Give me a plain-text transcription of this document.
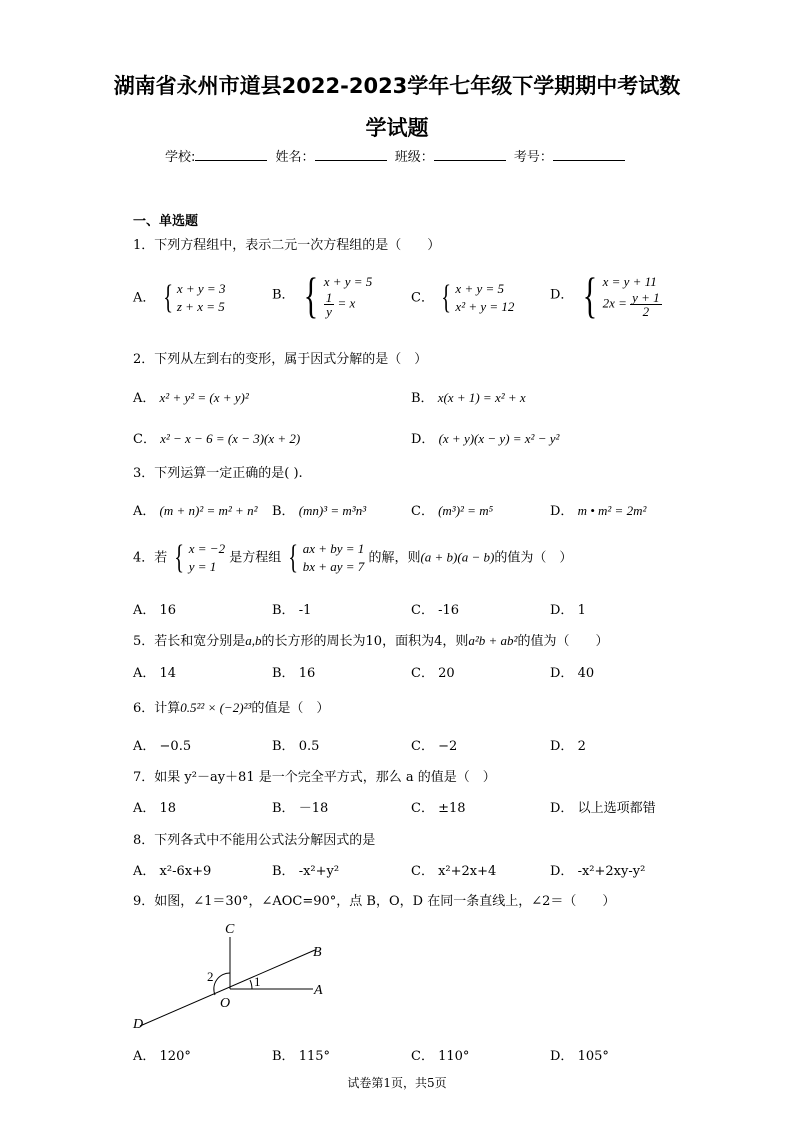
湖南省永州市道县2022-2023学年七年级下学期期中考试数
学试题
学校:	姓名：	班级：	考号：
一、单选题
1．下列方程组中，表示二元一次方程组的是（　　）
A． { x + y = 3
z + x = 5
B． { x + y = 5
$\frac{1}{y} = x$	C． { x + y = 5
x² + y = 12
D． { x = y + 11
$2x = \frac{y + 1}{2}$
2．下列从左到右的变形，属于因式分解的是（　）
A． x² + y² = (x + y)²	B． x(x + 1) = x² + x
C． x² − x − 6 = (x − 3)(x + 2)	D． (x + y)(x − y) = x² − y²
3．下列运算一定正确的是( ).
A． (m + n)² = m² + n² B． (mn)³ = m³n³	C． (m³)² = m⁵	D． m • m² = 2m²
4．若 { x = −2
y = 1
是方程组 { ax + by = 1
bx + ay = 7
的解，则(a + b)(a − b)的值为（　）
A． 16	B． -1	C． -16	D． 1
5．若长和宽分别是a,b的长方形的周长为10，面积为4，则a²b + ab²的值为（　　）
A． 14	B． 16	C． 20	D． 40
6．计算0.5²² × (−2)²³的值是（　）
A． −0.5	B． 0.5	C． −2	D． 2
7．如果 y²－ay＋81 是一个完全平方式，那么 a 的值是（　）
A． 18	B． －18	C． ±18	D． 以上选项都错
8．下列各式中不能用公式法分解因式的是
A． x²-6x+9	B． -x²+y²	C． x²+2x+4	D． -x²+2xy-y²
9．如图，∠1＝30°，∠AOC=90°，点 B，O，D 在同一条直线上，∠2＝（　　）
C
B
A
O
D
1
2
A． 120°	B． 115°	C． 110°	D． 105°
试卷第1页，共5页
